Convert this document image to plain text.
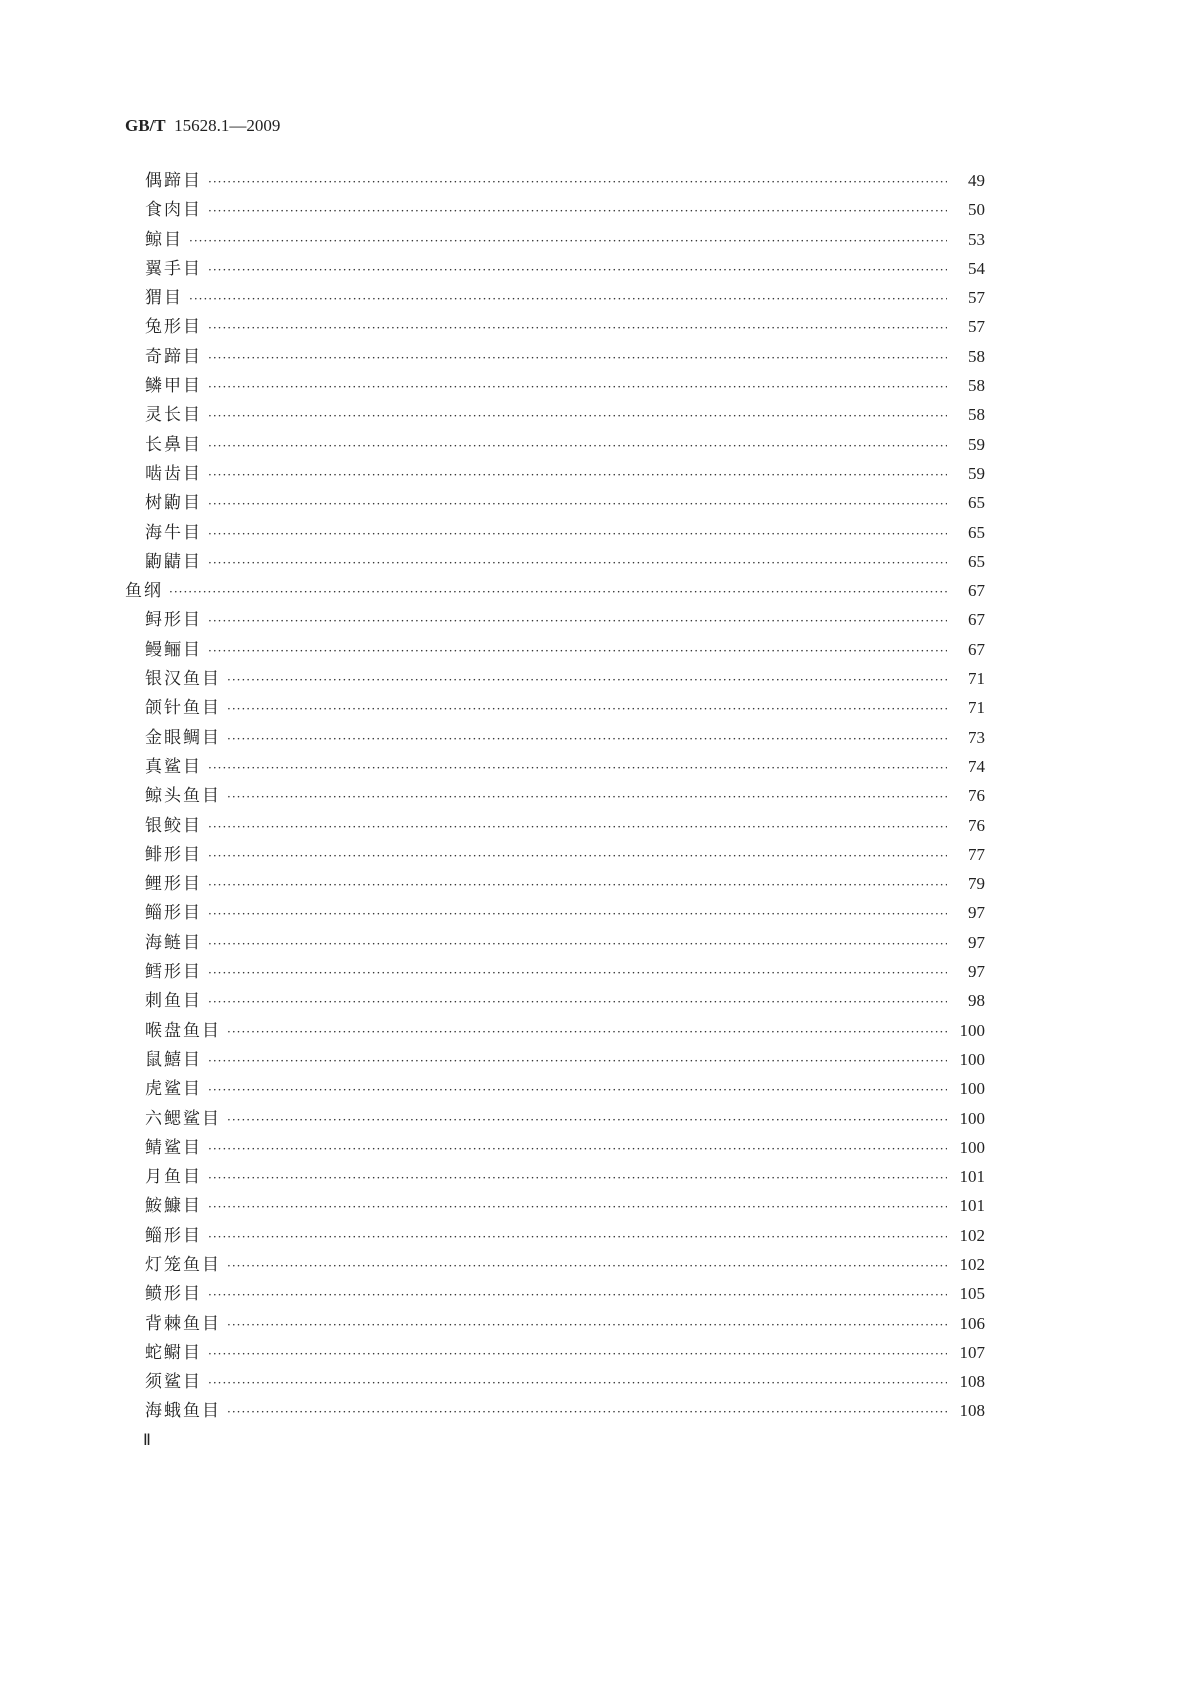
GB/T 15628.1—2009
偶蹄目 ·····	49
食肉目 ·····	50
鲸目 ·····	53
翼手目 ·····	54
猬目 ·····	57
兔形目 ·····	57
奇蹄目 ·····	58
鳞甲目 ·····	58
灵长目 ·····	58
长鼻目 ·····	59
啮齿目 ·····	59
树鼩目 ·····	65
海牛目 ·····	65
鼩鼱目 ·····	65
鱼纲 ·····	67
鲟形目 ·····	67
鳗鲡目 ·····	67
银汉鱼目 ·····	71
颌针鱼目 ·····	71
金眼鲷目 ·····	73
真鲨目 ·····	74
鲸头鱼目 ·····	76
银鲛目 ·····	76
鲱形目 ·····	77
鲤形目 ·····	79
鲻形目 ·····	97
海鲢目 ·····	97
鳕形目 ·····	97
刺鱼目 ·····	98
喉盘鱼目 ·····	100
鼠鱚目 ·····	100
虎鲨目 ·····	100
六鳃鲨目 ·····	100
鲭鲨目 ·····	100
月鱼目 ·····	101
鮟鱇目 ·····	101
鲻形目 ·····	102
灯笼鱼目 ·····	102
鲼形目 ·····	105
背棘鱼目 ·····	106
蛇鳚目 ·····	107
须鲨目 ·····	108
海蛾鱼目 ·····	108
Ⅱ
